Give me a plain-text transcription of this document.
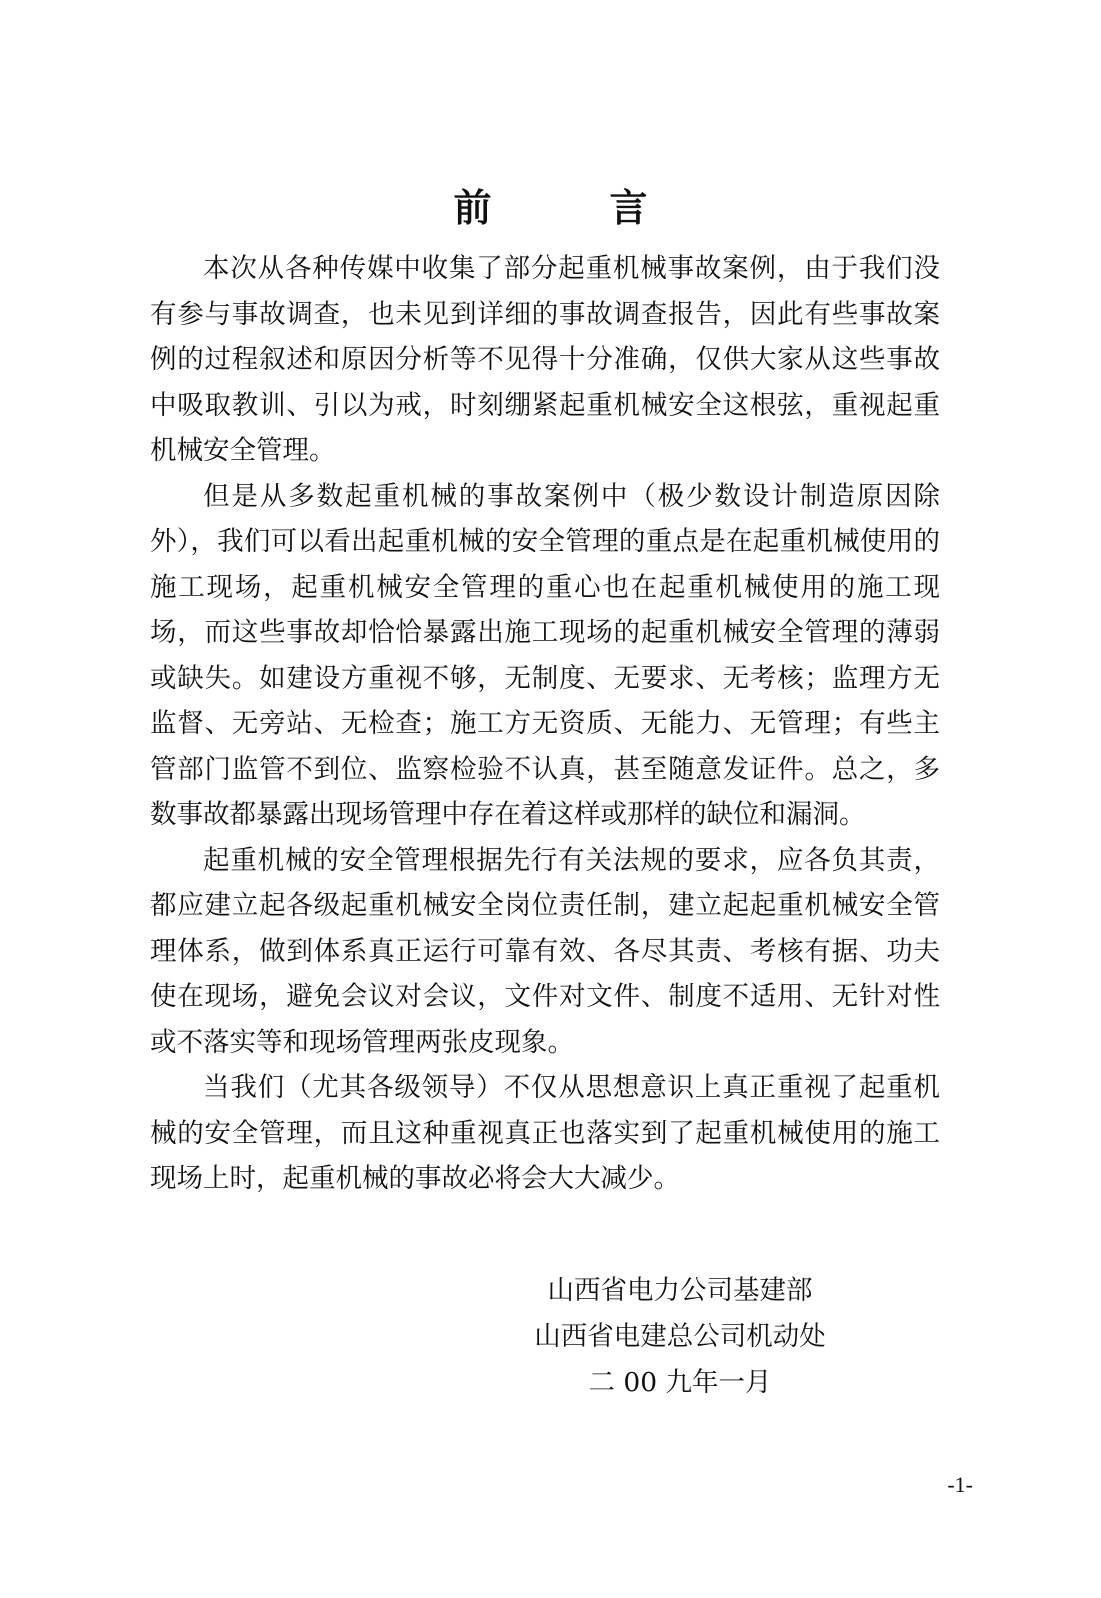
前　言

本次从各种传媒中收集了部分起重机械事故案例，由于我们没有参与事故调查，也未见到详细的事故调查报告，因此有些事故案例的过程叙述和原因分析等不见得十分准确，仅供大家从这些事故中吸取教训、引以为戒，时刻绷紧起重机械安全这根弦，重视起重机械安全管理。

但是从多数起重机械的事故案例中（极少数设计制造原因除外），我们可以看出起重机械的安全管理的重点是在起重机械使用的施工现场，起重机械安全管理的重心也在起重机械使用的施工现场，而这些事故却恰恰暴露出施工现场的起重机械安全管理的薄弱或缺失。如建设方重视不够，无制度、无要求、无考核；监理方无监督、无旁站、无检查；施工方无资质、无能力、无管理；有些主管部门监管不到位、监察检验不认真，甚至随意发证件。总之，多数事故都暴露出现场管理中存在着这样或那样的缺位和漏洞。

起重机械的安全管理根据先行有关法规的要求，应各负其责，都应建立起各级起重机械安全岗位责任制，建立起起重机械安全管理体系，做到体系真正运行可靠有效、各尽其责、考核有据、功夫使在现场，避免会议对会议，文件对文件、制度不适用、无针对性或不落实等和现场管理两张皮现象。

当我们（尤其各级领导）不仅从思想意识上真正重视了起重机械的安全管理，而且这种重视真正也落实到了起重机械使用的施工现场上时，起重机械的事故必将会大大减少。

山西省电力公司基建部
山西省电建总公司机动处
二 00 九年一月
-1-
